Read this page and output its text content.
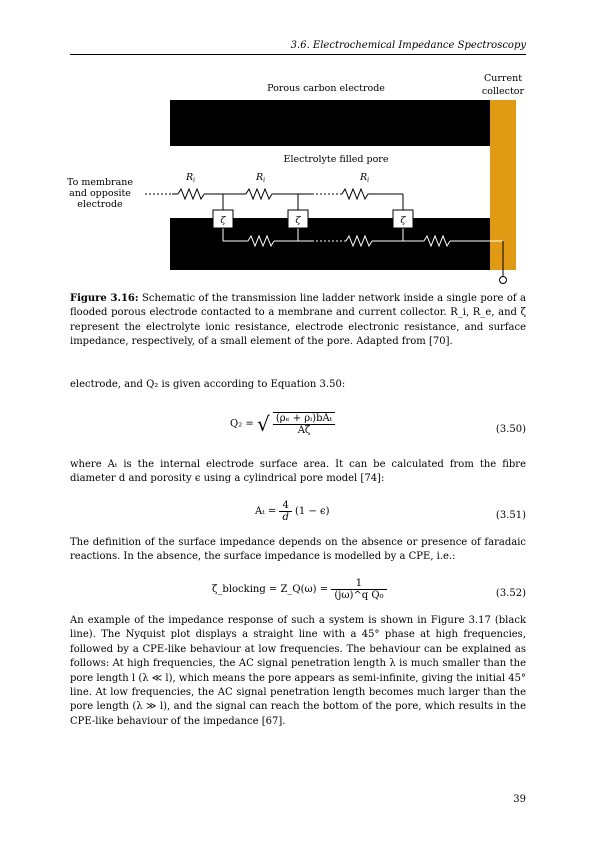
3.6. Electrochemical Impedance Spectroscopy
Porous carbon electrode
Current
collector
Electrolyte filled pore
To membrane
and opposite
electrode
$R_i$	$R_i$	$R_i$
ζ	ζ	ζ
$R_e$	$R_e$	$R_e$
Figure 3.16: Schematic of the transmission line ladder network inside a single pore of a flooded porous electrode contacted to a membrane and current collector. R_i, R_e, and ζ represent the electrolyte ionic resistance, electrode electronic resistance, and surface impedance, respectively, of a small element of the pore. Adapted from [70].
electrode, and Q₂ is given according to Equation 3.50:
Q₂ = √ $\frac{\text{(ρₑ + ρᵢ)bAₜ}}{A\zeta}$	(3.50)
where Aₜ is the internal electrode surface area. It can be calculated from the fibre diameter d and porosity ϵ using a cylindrical pore model [74]:
$A_t = \frac{4}{d} (1 - \epsilon)$	(3.51)
The definition of the surface impedance depends on the absence or presence of faradaic reactions. In the absence, the surface impedance is modelled by a CPE, i.e.:
ζ_blocking = Z_Q(ω) = $\frac{1}{\text{(jω)\textasciicircum{}q Q₀}}$	(3.52)
An example of the impedance response of such a system is shown in Figure 3.17 (black line). The Nyquist plot displays a straight line with a 45° phase at high frequencies, followed by a CPE-like behaviour at low frequencies. The behaviour can be explained as follows: At high frequencies, the AC signal penetration length λ is much smaller than the pore length l (λ ≪ l), which means the pore appears as semi-infinite, giving the initial 45° line. At low frequencies, the AC signal penetration length becomes much larger than the pore length (λ ≫ l), and the signal can reach the bottom of the pore, which results in the CPE-like behaviour of the impedance [67].
39
